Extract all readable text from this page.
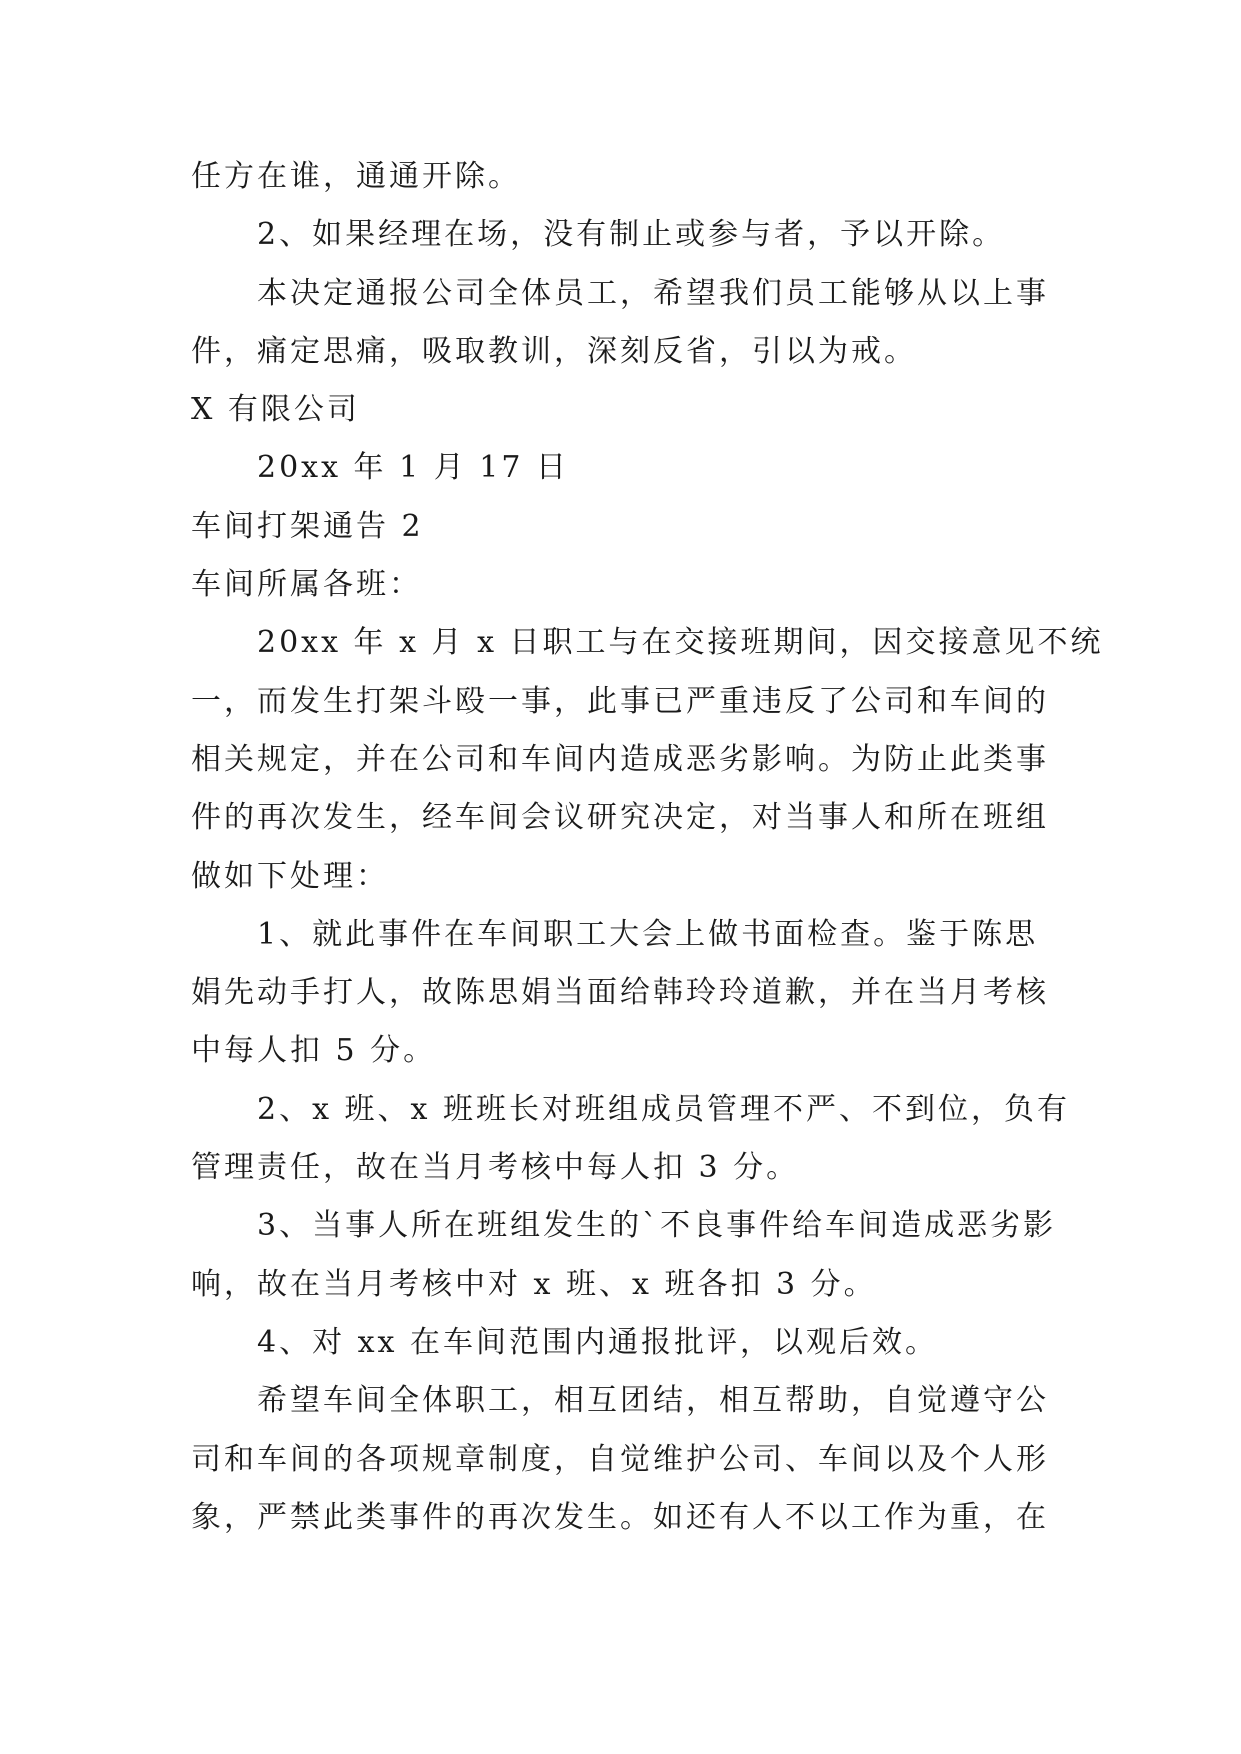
任方在谁，通通开除。
2、如果经理在场，没有制止或参与者，予以开除。
本决定通报公司全体员工，希望我们员工能够从以上事
件，痛定思痛，吸取教训，深刻反省，引以为戒。
X 有限公司
20xx 年 1 月 17 日
车间打架通告 2
车间所属各班：
20xx 年 x 月 x 日职工与在交接班期间，因交接意见不统
一，而发生打架斗殴一事，此事已严重违反了公司和车间的
相关规定，并在公司和车间内造成恶劣影响。为防止此类事
件的再次发生，经车间会议研究决定，对当事人和所在班组
做如下处理：
1、就此事件在车间职工大会上做书面检查。鉴于陈思
娟先动手打人，故陈思娟当面给韩玲玲道歉，并在当月考核
中每人扣 5 分。
2、x 班、x 班班长对班组成员管理不严、不到位，负有
管理责任，故在当月考核中每人扣 3 分。
3、当事人所在班组发生的`不良事件给车间造成恶劣影
响，故在当月考核中对 x 班、x 班各扣 3 分。
4、对 xx 在车间范围内通报批评，以观后效。
希望车间全体职工，相互团结，相互帮助，自觉遵守公
司和车间的各项规章制度，自觉维护公司、车间以及个人形
象，严禁此类事件的再次发生。如还有人不以工作为重，在
